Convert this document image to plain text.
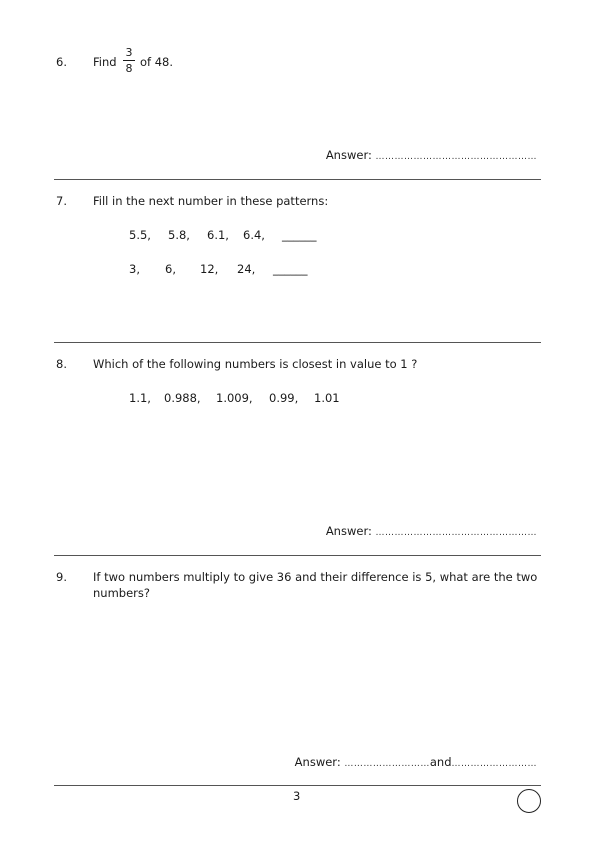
6. Find
3
8 of 48.
Answer: ……………………………………………
7. Fill in the next number in these patterns:
5.5, 5.8, 6.1, 6.4, ______
3, 6, 12, 24, ______
8. Which of the following numbers is closest in value to 1 ?
1.1, 0.988, 1.009, 0.99, 1.01
Answer: ……………………………………………
9. If two numbers multiply to give 36 and their difference is 5, what are the two
numbers?
Answer: ………………………and………………………
3
